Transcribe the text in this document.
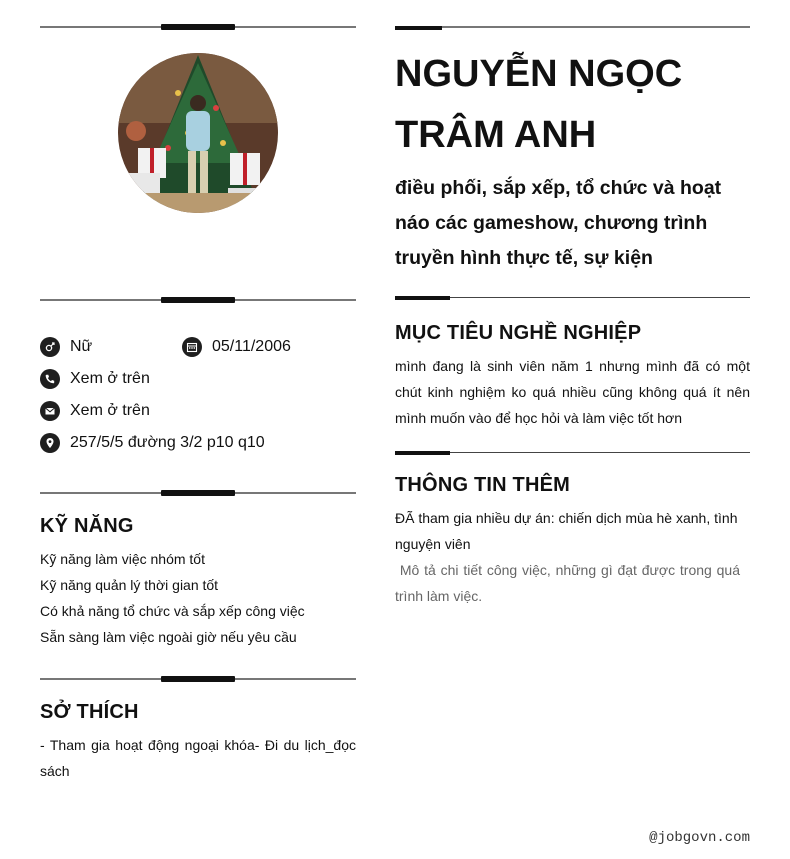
Nữ	05/11/2006
Xem ở trên
Xem ở trên
257/5/5 đường 3/2 p10 q10
KỸ NĂNG
Kỹ năng làm việc nhóm tốt
Kỹ năng quản lý thời gian tốt
Có khả năng tổ chức và sắp xếp công việc
Sẵn sàng làm việc ngoài giờ nếu yêu cầu
SỞ THÍCH
- Tham gia hoạt động ngoại khóa- Đi du lịch_đọc sách
NGUYỄN NGỌC TRÂM ANH
điều phối, sắp xếp, tổ chức và hoạt náo các gameshow, chương trình truyền hình thực tế, sự kiện
MỤC TIÊU NGHỀ NGHIỆP
mình đang là sinh viên năm 1 nhưng mình đã có một chút kinh nghiệm ko quá nhiều cũng không quá ít nên mình muốn vào để học hỏi và làm việc tốt hơn
THÔNG TIN THÊM
ĐÃ tham gia nhiều dự án: chiến dịch mùa hè xanh, tình nguyện viên
Mô tả chi tiết công việc, những gì đạt được trong quá trình làm việc.
@jobgovn.com
